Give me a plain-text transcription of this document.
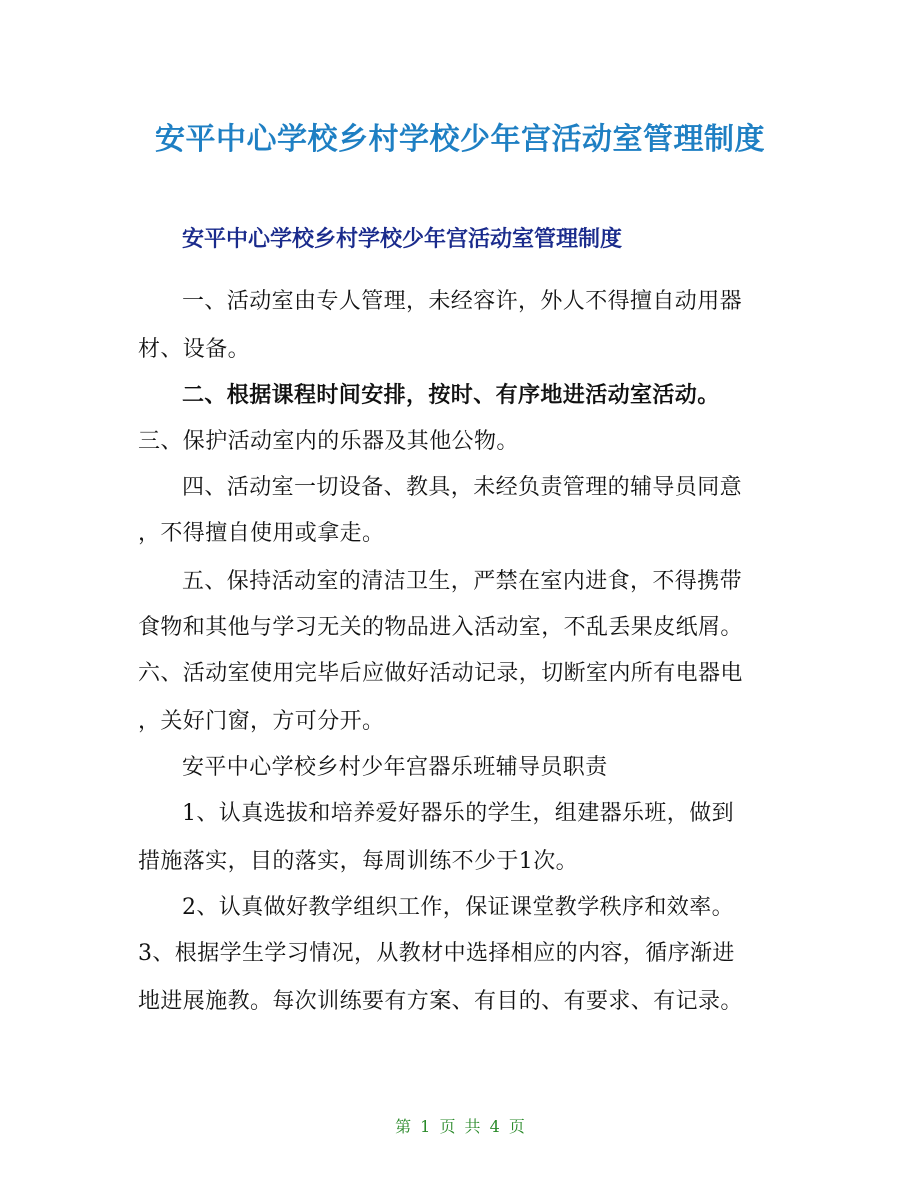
安平中心学校乡村学校少年宫活动室管理制度
安平中心学校乡村学校少年宫活动室管理制度

一、活动室由专人管理，未经容许，外人不得擅自动用器

材、设备。

二、根据课程时间安排，按时、有序地进活动室活动。

三、保护活动室内的乐器及其他公物。

四、活动室一切设备、教具，未经负责管理的辅导员同意

，不得擅自使用或拿走。

五、保持活动室的清洁卫生，严禁在室内进食，不得携带

食物和其他与学习无关的物品进入活动室，不乱丢果皮纸屑。

六、活动室使用完毕后应做好活动记录，切断室内所有电器电

，关好门窗，方可分开。

安平中心学校乡村少年宫器乐班辅导员职责

1、认真选拔和培养爱好器乐的学生，组建器乐班，做到

措施落实，目的落实，每周训练不少于1次。

2、认真做好教学组织工作，保证课堂教学秩序和效率。

3、根据学生学习情况，从教材中选择相应的内容，循序渐进

地进展施教。每次训练要有方案、有目的、有要求、有记录。

第 1 页 共 4 页
